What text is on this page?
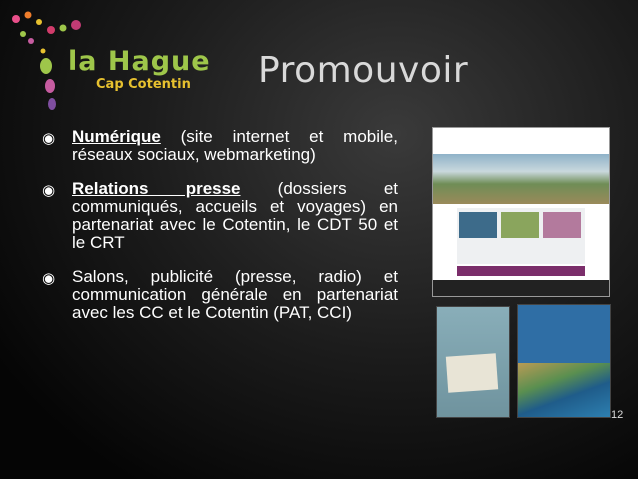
la Hague
Cap Cotentin Promouvoir
◉ Numérique (site internet et mobile, réseaux sociaux, webmarketing)
◉ Relations presse (dossiers et communiqués, accueils et voyages) en partenariat avec le Cotentin, le CDT 50 et le CRT
◉ Salons, publicité (presse, radio) et communication générale en partenariat avec les CC et le Cotentin (PAT, CCI)
12
